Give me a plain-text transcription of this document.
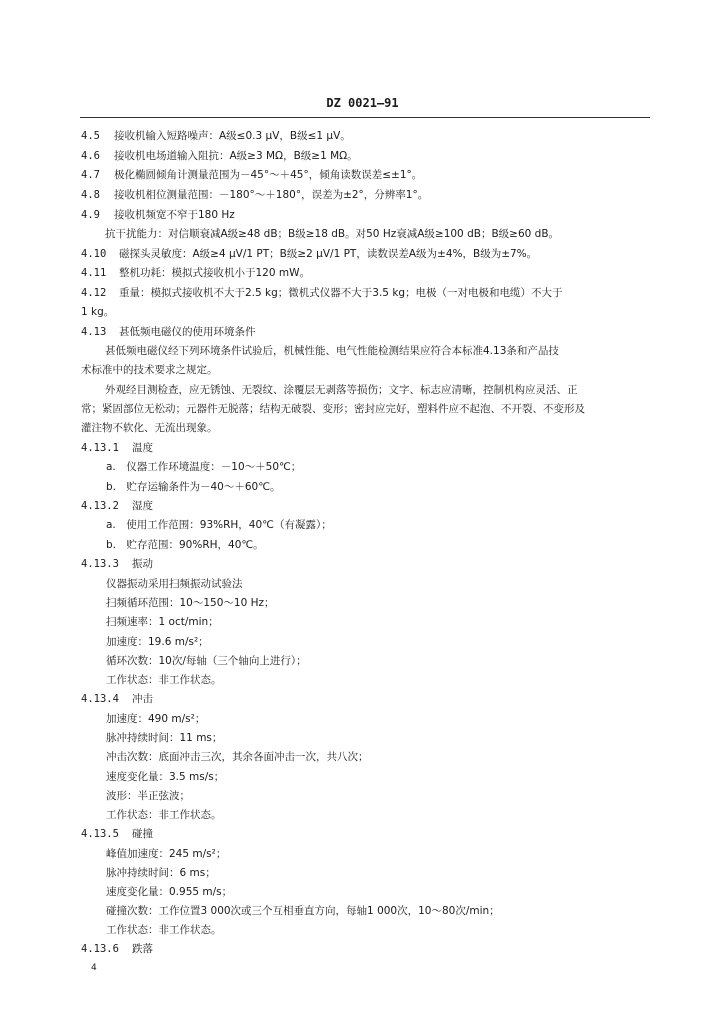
DZ 0021—91
4.5 接收机输入短路噪声：A级≤0.3 μV，B级≤1 μV。
4.6 接收机电场道输入阻抗：A级≥3 MΩ，B级≥1 MΩ。
4.7 极化椭圆倾角计测量范围为－45°～＋45°，倾角读数误差≤±1°。
4.8 接收机相位测量范围：－180°～＋180°，误差为±2°，分辨率1°。
4.9 接收机频宽不窄于180 Hz
抗干扰能力：对信顺衰减A级≥48 dB；B级≥18 dB。对50 Hz衰减A级≥100 dB；B级≥60 dB。
4.10 磁探头灵敏度：A级≥4 μV/1 PT；B级≥2 μV/1 PT，读数误差A级为±4%，B级为±7%。
4.11 整机功耗：模拟式接收机小于120 mW。
4.12 重量：模拟式接收机不大于2.5 kg；微机式仪器不大于3.5 kg；电极（一对电极和电缆）不大于
1 kg。
4.13 甚低频电磁仪的使用环境条件
甚低频电磁仪经下列环境条件试验后，机械性能、电气性能检测结果应符合本标准4.13条和产品技
术标准中的技术要求之规定。
外观经目测检查，应无锈蚀、无裂纹、涂覆层无剥落等损伤；文字、标志应清晰，控制机构应灵活、正
常；紧固部位无松动；元器件无脱落；结构无破裂、变形；密封应完好，塑料件应不起泡、不开裂、不变形及
灌注物不软化、无流出现象。
4.13.1 温度
a.　仪器工作环境温度：－10～＋50℃；
b.　贮存运输条件为－40～＋60℃。
4.13.2 湿度
a.　使用工作范围：93%RH，40℃（有凝露）；
b.　贮存范围：90%RH，40℃。
4.13.3 振动
仪器振动采用扫频振动试验法
扫频循环范围：10～150～10 Hz；
扫频速率：1 oct/min；
加速度：19.6 m/s²；
循环次数：10次/每轴（三个轴向上进行）；
工作状态：非工作状态。
4.13.4 冲击
加速度：490 m/s²；
脉冲持续时间：11 ms；
冲击次数：底面冲击三次，其余各面冲击一次，共八次；
速度变化量：3.5 ms/s；
波形：半正弦波；
工作状态：非工作状态。
4.13.5 碰撞
峰值加速度：245 m/s²；
脉冲持续时间：6 ms；
速度变化量：0.955 m/s；
碰撞次数：工作位置3 000次或三个互相垂直方向，每轴1 000次，10～80次/min；
工作状态：非工作状态。
4.13.6 跌落
4
